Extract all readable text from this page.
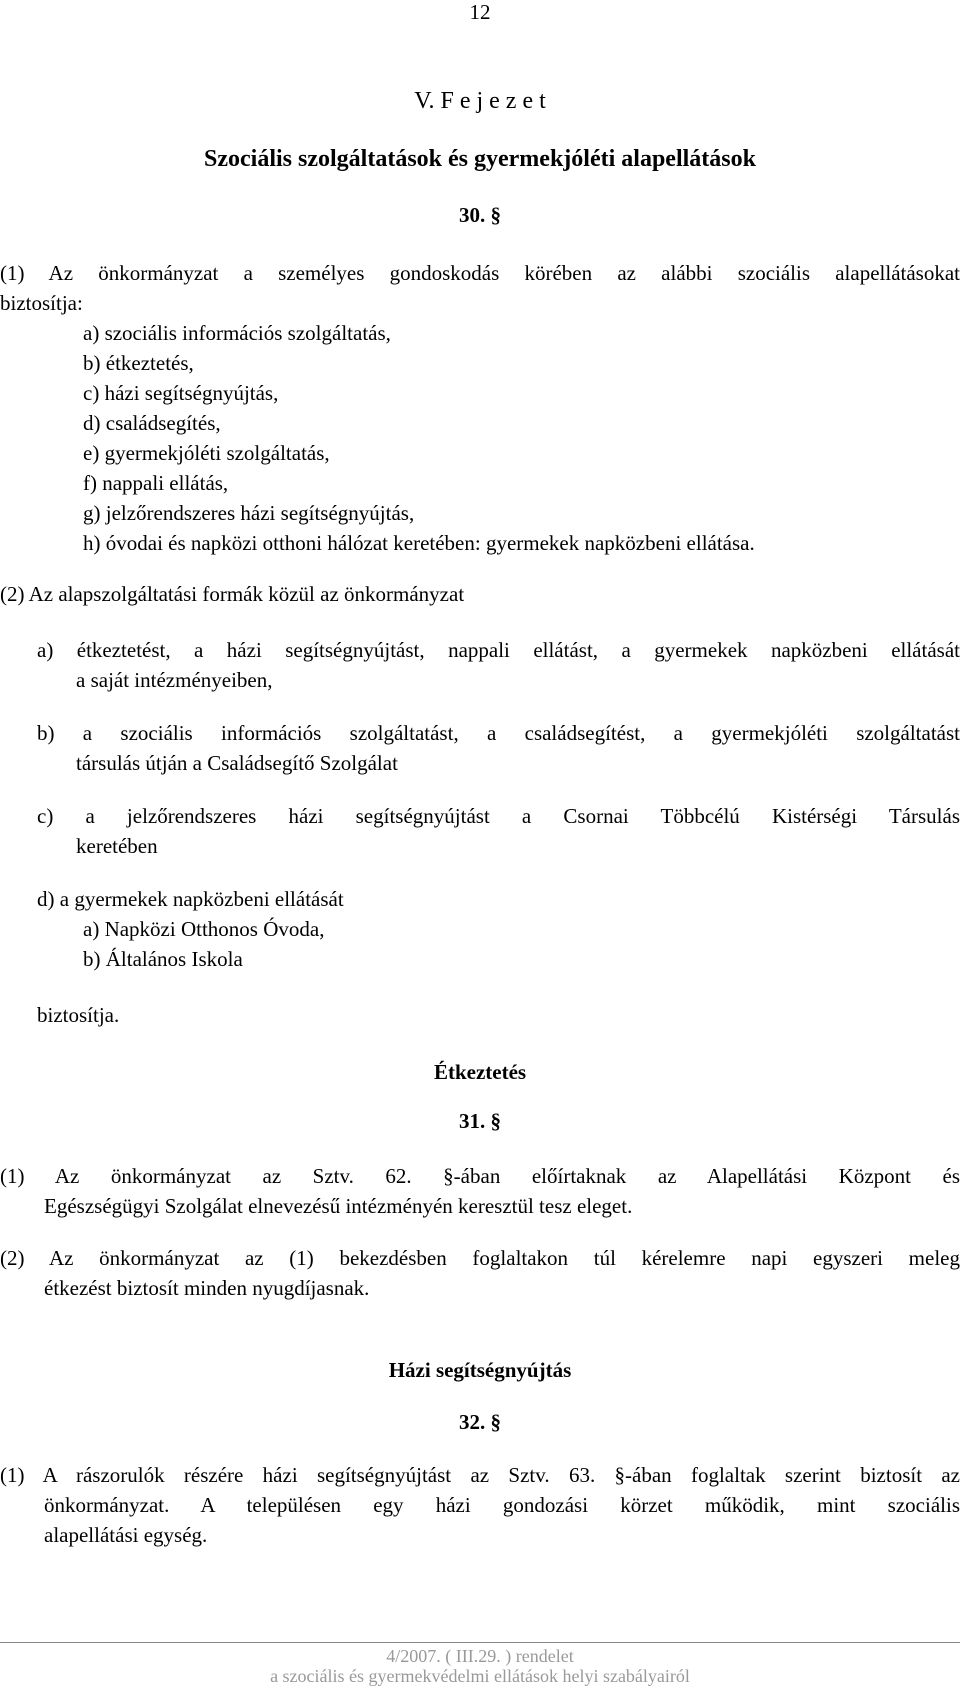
12
V. F e j e z e t
Szociális szolgáltatások és gyermekjóléti alapellátások
30. §
(1) Az önkormányzat a személyes gondoskodás körében az alábbi szociális alapellátásokat
biztosítja:
a) szociális információs szolgáltatás,
b) étkeztetés,
c) házi segítségnyújtás,
d) családsegítés,
e) gyermekjóléti szolgáltatás,
f) nappali ellátás,
g) jelzőrendszeres házi segítségnyújtás,
h) óvodai és napközi otthoni hálózat keretében: gyermekek napközbeni ellátása.
(2) Az alapszolgáltatási formák közül az önkormányzat
a) étkeztetést, a házi segítségnyújtást, nappali ellátást, a gyermekek napközbeni ellátását
a saját intézményeiben,
b) a szociális információs szolgáltatást, a családsegítést, a gyermekjóléti szolgáltatást
társulás útján a Családsegítő Szolgálat
c) a jelzőrendszeres házi segítségnyújtást a Csornai Többcélú Kistérségi Társulás
keretében
d) a gyermekek napközbeni ellátását
a) Napközi Otthonos Óvoda,
b) Általános Iskola
biztosítja.
Étkeztetés
31. §
(1) Az önkormányzat az Sztv. 62. §-ában előírtaknak az Alapellátási Központ és
Egészségügyi Szolgálat elnevezésű intézményén keresztül tesz eleget.
(2) Az önkormányzat az (1) bekezdésben foglaltakon túl kérelemre napi egyszeri meleg
étkezést biztosít minden nyugdíjasnak.
Házi segítségnyújtás
32. §
(1) A rászorulók részére házi segítségnyújtást az Sztv. 63. §-ában foglaltak szerint biztosít az
önkormányzat. A településen egy házi gondozási körzet működik, mint szociális
alapellátási egység.
4/2007. ( III.29. ) rendelet
a szociális és gyermekvédelmi ellátások helyi szabályairól
